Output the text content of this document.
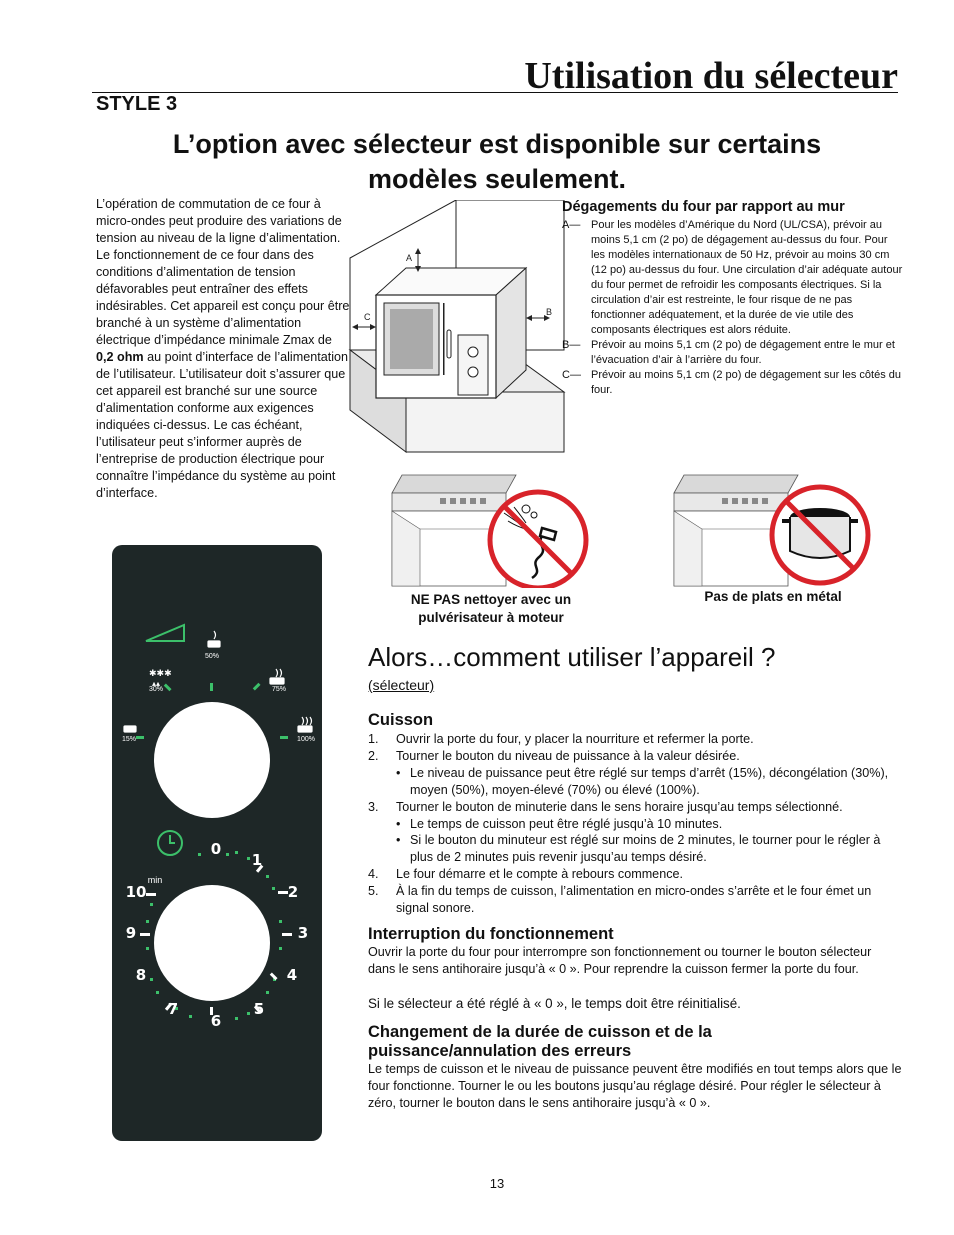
Utilisation du sélecteur
STYLE 3
L’option avec sélecteur est disponible sur certains
modèles seulement.
L’opération de commutation de ce four à micro-ondes peut produire des variations de tension au niveau de la ligne d’alimentation. Le fonctionnement de ce four dans des conditions d’alimentation de tension défavorables peut entraîner des effets indésirables. Cet appareil est conçu pour être branché à un système d’alimentation électrique d’impédance minimale Zmax de 0,2 ohm au point d’interface de l’alimentation de l’utilisateur. L’utilisateur doit s’assurer que cet appareil est branché sur une source d’alimentation conforme aux exigences indiquées ci-dessus. Le cas échéant, l’utilisateur peut s’informer auprès de l’entreprise de production électrique pour connaître l’impédance du système au point d’interface.
A
B
C
Dégagements du four par rapport au mur
A— Pour les modèles d’Amérique du Nord (UL/CSA), prévoir au moins 5,1 cm (2 po) de dégagement au-dessus du four. Pour les modèles internationaux de 50 Hz, prévoir au moins 30 cm (12 po) au-dessus du four. Une circulation d’air adéquate autour du four permet de refroidir les composants électriques. Si la circulation d’air est restreinte, le four risque de ne pas fonctionner adéquatement, et la durée de vie utile des composants électriques est alors réduite.
B— Prévoir au moins 5,1 cm (2 po) de dégagement entre le mur et l’évacuation d’air à l’arrière du four.
C— Prévoir au moins 5,1 cm (2 po) de dégagement sur les côtés du four.
NE PAS nettoyer avec un
pulvérisateur à moteur
Pas de plats en métal
✱✱✱
▴▴
50%
30%	75%
15%	100%
0
1
2
3
4
5
6
7
8
9
10
min
Alors…comment utiliser l’appareil ?
(sélecteur)
Cuisson
1.	Ouvrir la porte du four, y placer la nourriture et refermer la porte.
2.	Tourner le bouton du niveau de puissance à la valeur désirée.
• Le niveau de puissance peut être réglé sur temps d’arrêt (15%), décongélation (30%), moyen (50%), moyen-élevé (70%) ou élevé (100%).
3.	Tourner le bouton de minuterie dans le sens horaire jusqu’au temps sélectionné.
• Le temps de cuisson peut être réglé jusqu’à 10 minutes.
• Si le bouton du minuteur est réglé sur moins de 2 minutes, le tourner pour le régler à plus de 2 minutes puis revenir jusqu’au temps désiré.
4.	Le four démarre et le compte à rebours commence.
5.	À la fin du temps de cuisson, l’alimentation en micro-ondes s’arrête et le four émet un signal sonore.
Interruption du fonctionnement
Ouvrir la porte du four pour interrompre son fonctionnement ou tourner le bouton sélecteur dans le sens antihoraire jusqu’à « 0 ». Pour reprendre la cuisson fermer la porte du four.
Si le sélecteur a été réglé à « 0 », le temps doit être réinitialisé.
Changement de la durée de cuisson et de la
puissance/annulation des erreurs
Le temps de cuisson et le niveau de puissance peuvent être modifiés en tout temps alors que le four fonctionne. Tourner le ou les boutons jusqu’au réglage désiré. Pour régler le sélecteur à zéro, tourner le bouton dans le sens antihoraire jusqu’à « 0 ».
13
